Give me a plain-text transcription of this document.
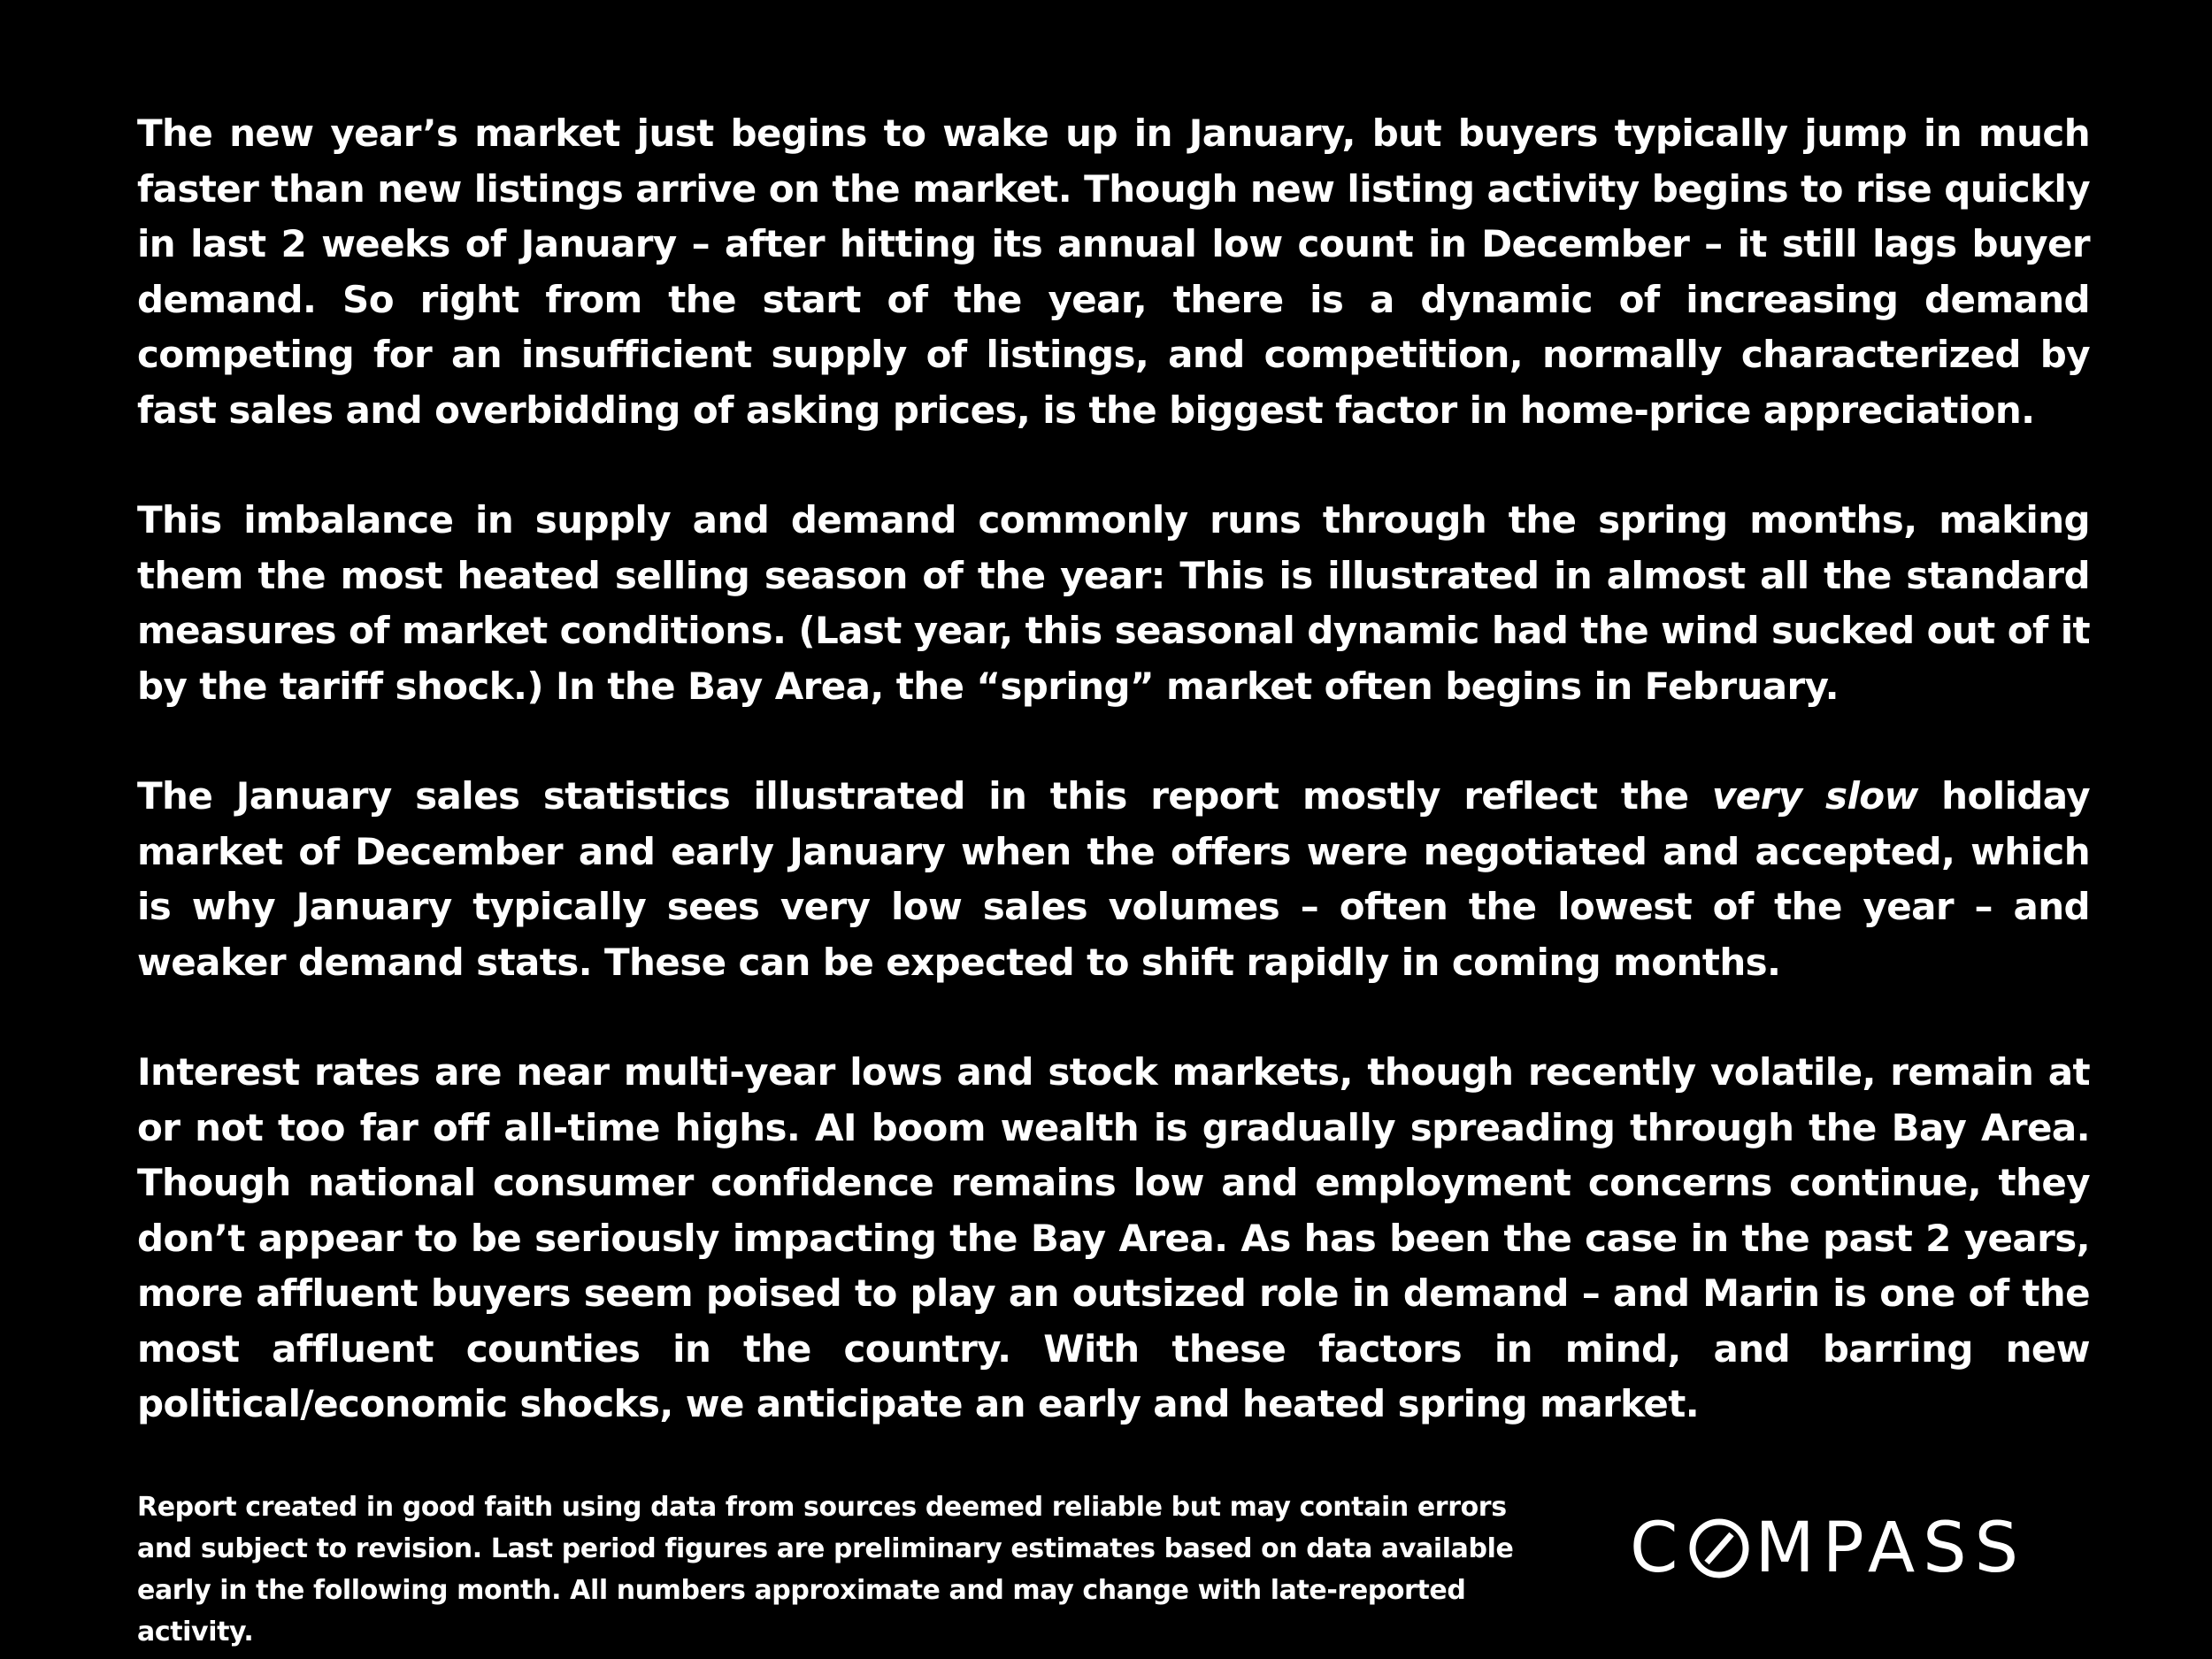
The new year’s market just begins to wake up in January, but buyers typically jump in much faster than new listings arrive on the market. Though new listing activity begins to rise quickly in last 2 weeks of January – after hitting its annual low count in December – it still lags buyer demand. So right from the start of the year, there is a dynamic of increasing demand competing for an insufficient supply of listings, and competition, normally characterized by fast sales and overbidding of asking prices, is the biggest factor in home-price appreciation.

This imbalance in supply and demand commonly runs through the spring months, making them the most heated selling season of the year: This is illustrated in almost all the standard measures of market conditions. (Last year, this seasonal dynamic had the wind sucked out of it by the tariff shock.) In the Bay Area, the “spring” market often begins in February.

The January sales statistics illustrated in this report mostly reflect the very slow holiday market of December and early January when the offers were negotiated and accepted, which is why January typically sees very low sales volumes – often the lowest of the year – and weaker demand stats. These can be expected to shift rapidly in coming months.

Interest rates are near multi-year lows and stock markets, though recently volatile, remain at or not too far off all-time highs. AI boom wealth is gradually spreading through the Bay Area. Though national consumer confidence remains low and employment concerns continue, they don’t appear to be seriously impacting the Bay Area. As has been the case in the past 2 years, more affluent buyers seem poised to play an outsized role in demand – and Marin is one of the most affluent counties in the country. With these factors in mind, and barring new political/economic shocks, we anticipate an early and heated spring market.

Report created in good faith using data from sources deemed reliable but may contain errors and subject to revision. Last period figures are preliminary estimates based on data available early in the following month. All numbers approximate and may change with late-reported activity.

C MPASS
